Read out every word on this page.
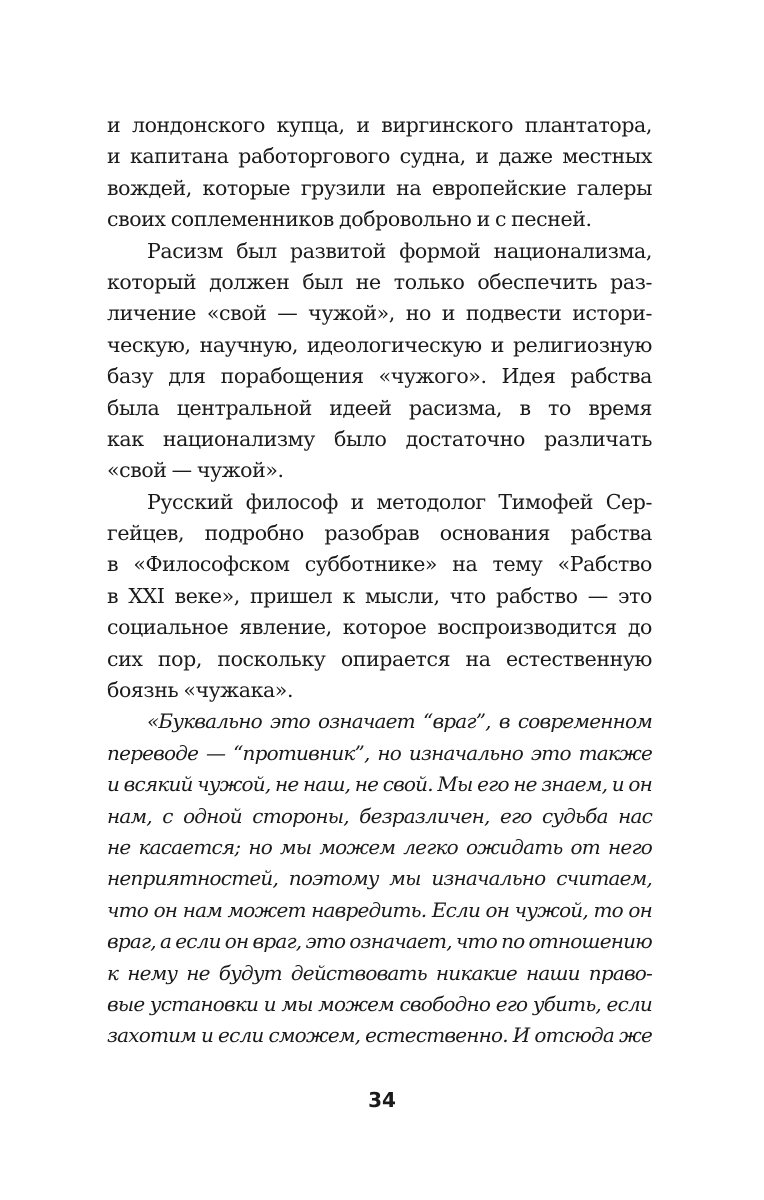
и лондонского купца, и виргинского плантатора,
и капитана работоргового судна, и даже местных
вождей, которые грузили на европейские галеры
своих соплеменников добровольно и с песней.
Расизм был развитой формой национализма,
который должен был не только обеспечить раз-
личение «свой — чужой», но и подвести истори-
ческую, научную, идеологическую и религиозную
базу для порабощения «чужого». Идея рабства
была центральной идеей расизма, в то время
как национализму было достаточно различать
«свой — чужой».
Русский философ и методолог Тимофей Сер-
гейцев, подробно разобрав основания рабства
в «Философском субботнике» на тему «Рабство
в XXI веке», пришел к мысли, что рабство — это
социальное явление, которое воспроизводится до
сих пор, поскольку опирается на естественную
боязнь «чужака».
«Буквально это означает “враг”, в современном
переводе — “противник”, но изначально это также
и всякий чужой, не наш, не свой. Мы его не знаем, и он
нам, с одной стороны, безразличен, его судьба нас
не касается; но мы можем легко ожидать от него
неприятностей, поэтому мы изначально считаем,
что он нам может навредить. Если он чужой, то он
враг, а если он враг, это означает, что по отношению
к нему не будут действовать никакие наши право-
вые установки и мы можем свободно его убить, если
захотим и если сможем, естественно. И отсюда же
34
